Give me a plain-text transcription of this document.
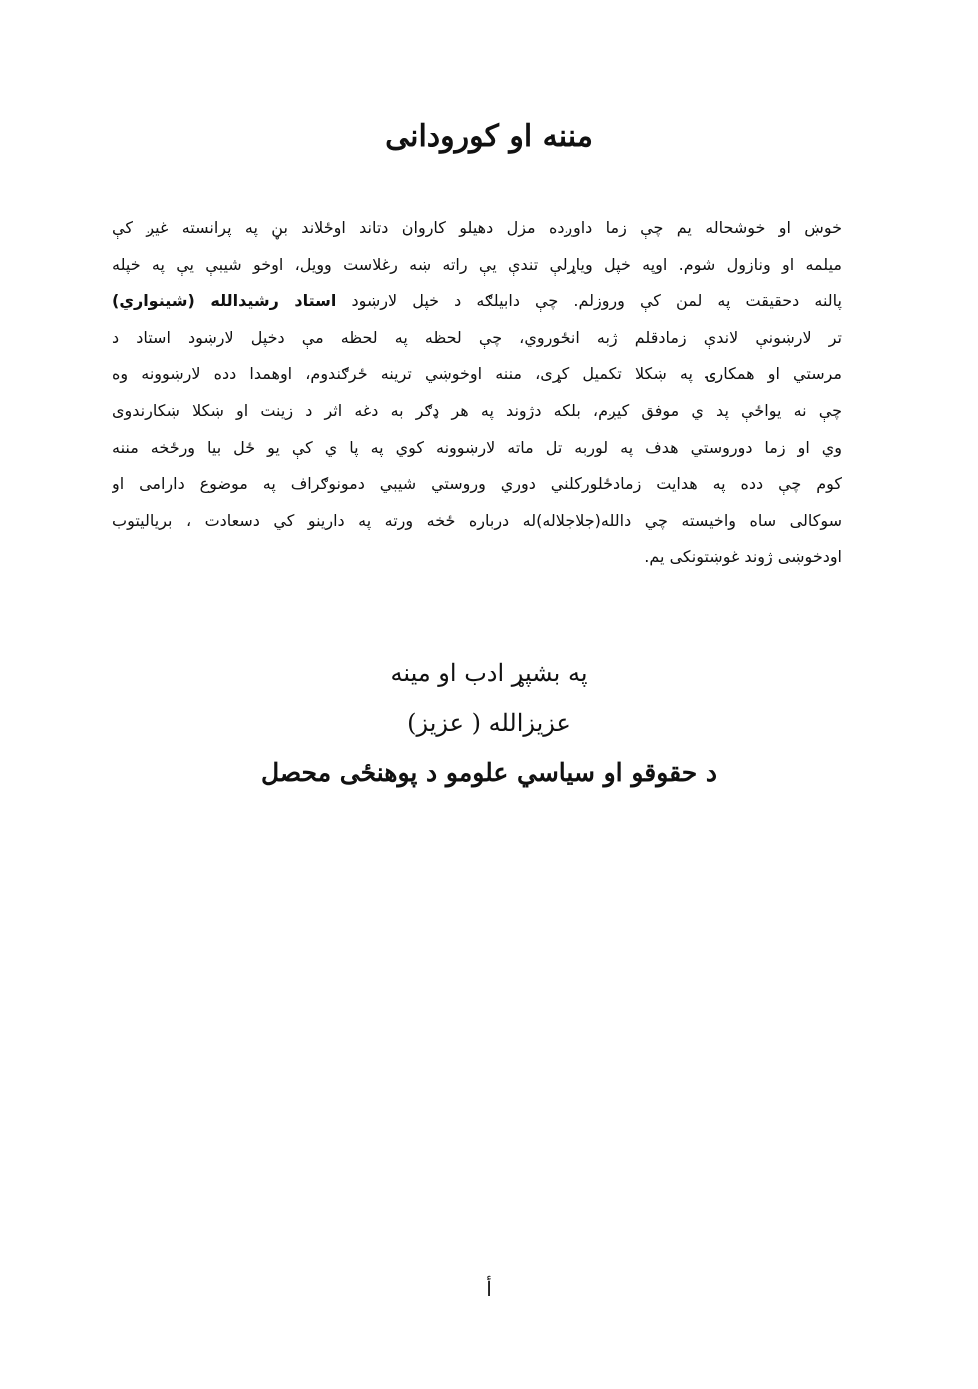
مننه او کورودانی
خوښ او خوشحاله یم چې زما داوږده مزل دهیلو کاروان دتاند اوځلاند بڼ په پرانسته غیږ کې
میلمه او ونازول شوم. اوپه خپل ویاړلې تندې یې راته ښه رغلاست وویل، اوخو شیبې یې په خپله
پالنه دحقیقت په لمن کې وروزلم. چې دابیلګه د خپل لارښود استاد رشیدالله (شینواري)
تر لارښونې لاندې زمادقلم ژبه انځوروي، چې لحظه په لحظه مې دخپل لارښود استاد د
مرستي او همکارۍ په ښکلا تکمیل کړی، مننه اوخوښي ترینه ځرګندوم، اوهمدا دده لارښوونه وه
چې نه یواځې پد ي موفق کیږم، بلکه دژوند په هر ډګر به دغه اثر د زینت او ښکلا ښکارندوی
وي او زما دوروستي هدف په لوربه تل ماته لارښوونه کوي په پا ي کې یو ځل بیا ورځخه مننه
کوم چې دده په هدایت زمادځلورکلني دوري وروستي شیبي دمونوګراف په موضوع دارامی او
سوکالی ساه واخیسته چي دالله(جلاجلاله)له درباره ځخه ورته په دارینو کي دسعادت ، بریالیتوب
اودخوښی ژوند غوښتونکی یم.
په بشپړ ادب او مینه
عزیزالله ( عزیز)
د حقوقو او سیاسي علومو د پوهنځی محصل
أ
